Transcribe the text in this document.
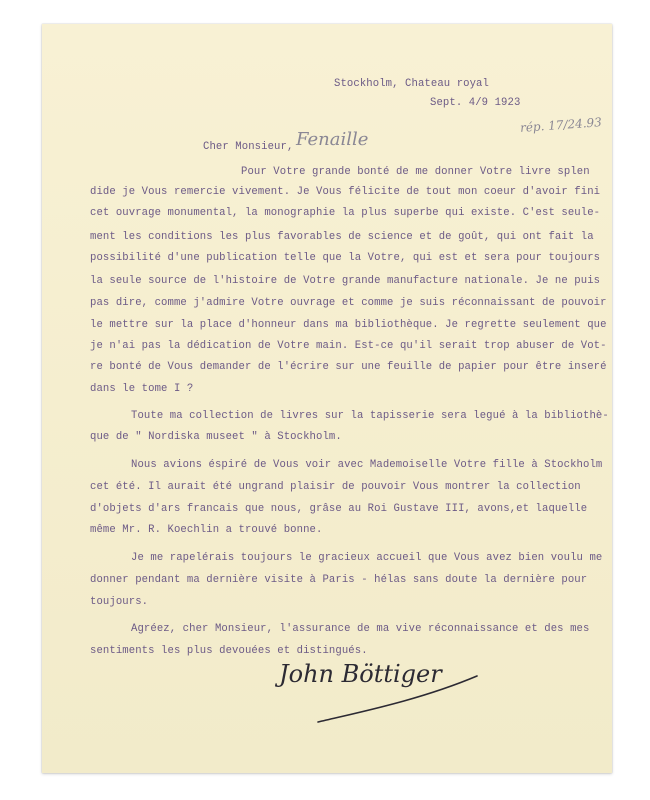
Stockholm, Chateau royal
Sept. 4/9 1923
rép. 17/24.93
Cher Monsieur, Fenaille
Pour Votre grande bonté de me donner Votre livre splen
dide je Vous remercie vivement. Je Vous félicite de tout mon coeur d'avoir fini
cet ouvrage monumental, la monographie la plus superbe qui existe. C'est seule-
ment les conditions les plus favorables de science et de goût, qui ont fait la
possibilité d'une publication telle que la Votre, qui est et sera pour toujours
la seule source de l'histoire de Votre grande manufacture nationale. Je ne puis
pas dire, comme j'admire Votre ouvrage et comme je suis réconnaissant de pouvoir
le mettre sur la place d'honneur dans ma bibliothèque. Je regrette seulement que
je n'ai pas la dédication de Votre main. Est-ce qu'il serait trop abuser de Vot-
re bonté de Vous demander de l'écrire sur une feuille de papier pour être inseré
dans le tome I ?
Toute ma collection de livres sur la tapisserie sera legué à la bibliothè-
que de " Nordiska museet " à Stockholm.
Nous avions éspiré de Vous voir avec Mademoiselle Votre fille à Stockholm
cet été. Il aurait été ungrand plaisir de pouvoir Vous montrer la collection
d'objets d'ars francais que nous, grâse au Roi Gustave III, avons,et laquelle
même Mr. R. Koechlin a trouvé bonne.
Je me rapelérais toujours le gracieux accueil que Vous avez bien voulu me
donner pendant ma dernière visite à Paris - hélas sans doute la dernière pour
toujours.
Agréez, cher Monsieur, l'assurance de ma vive réconnaissance et des mes
sentiments les plus devouées et distingués.
John Böttiger
